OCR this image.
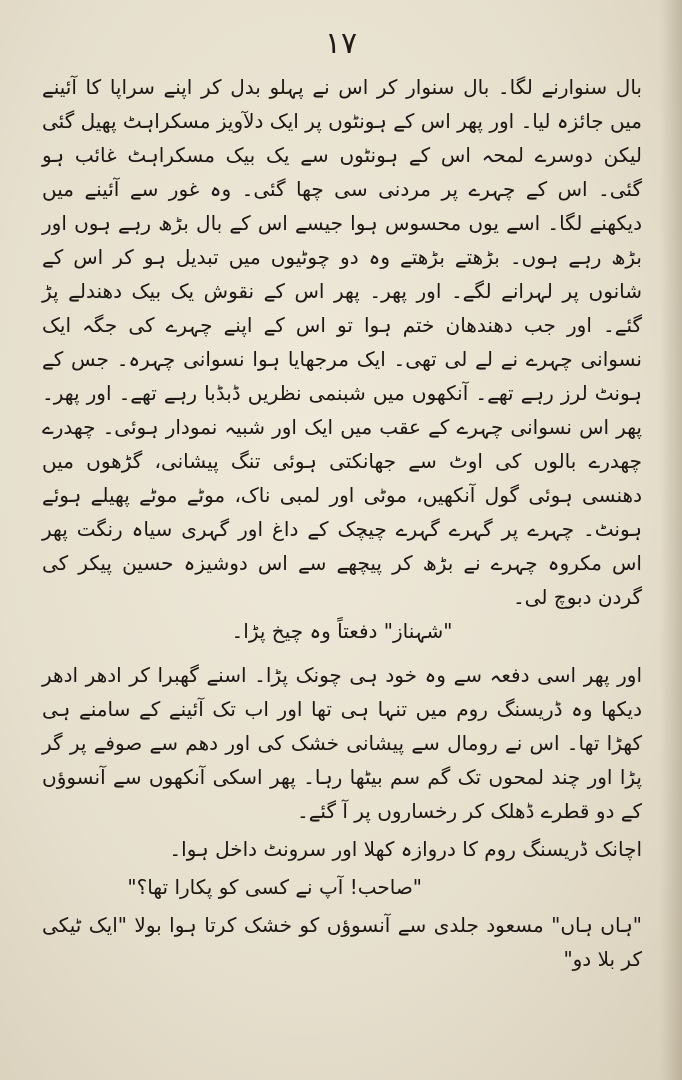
١٧

بال سنوارنے لگا۔ بال سنوار کر اس نے پہلو بدل کر اپنے سراپا کا آئینے میں جائزہ لیا۔ اور پھر اس کے ہونٹوں پر ایک دلآویز مسکراہٹ پھیل گئی لیکن دوسرے لمحہ اس کے ہونٹوں سے یک بیک مسکراہٹ غائب ہو گئی۔ اس کے چہرے پر مردنی سی چھا گئی۔ وہ غور سے آئینے میں دیکھنے لگا۔ اسے یوں محسوس ہوا جیسے اس کے بال بڑھ رہے ہوں اور بڑھ رہے ہوں۔ بڑھتے بڑھتے وہ دو چوٹیوں میں تبدیل ہو کر اس کے شانوں پر لہرانے لگے۔ اور پھر۔ پھر اس کے نقوش یک بیک دھندلے پڑ گئے۔ اور جب دھندھان ختم ہوا تو اس کے اپنے چہرے کی جگہ ایک نسوانی چہرے نے لے لی تھی۔ ایک مرجھایا ہوا نسوانی چہرہ۔ جس کے ہونٹ لرز رہے تھے۔ آنکھوں میں شبنمی نظریں ڈبڈبا رہے تھے۔ اور پھر۔ پھر اس نسوانی چہرے کے عقب میں ایک اور شبیہ نمودار ہوئی۔ چھدرے چھدرے بالوں کی اوٹ سے جھانکتی ہوئی تنگ پیشانی، گڑھوں میں دھنسی ہوئی گول آنکھیں، موٹی اور لمبی ناک، موٹے موٹے پھیلے ہوئے ہونٹ۔ چہرے پر گہرے گہرے چیچک کے داغ اور گہری سیاہ رنگت پھر اس مکروہ چہرے نے بڑھ کر پیچھے سے اس دوشیزہ حسین پیکر کی گردن دبوچ لی۔

"شہناز" دفعتاً وہ چیخ پڑا۔

اور پھر اسی دفعہ سے وہ خود ہی چونک پڑا۔ اسنے گھبرا کر ادھر ادھر دیکھا وہ ڈریسنگ روم میں تنہا ہی تھا اور اب تک آئینے کے سامنے ہی کھڑا تھا۔ اس نے رومال سے پیشانی خشک کی اور دھم سے صوفے پر گر پڑا اور چند لمحوں تک گم سم بیٹھا رہا۔ پھر اسکی آنکھوں سے آنسوؤں کے دو قطرے ڈھلک کر رخساروں پر آ گئے۔

اچانک ڈریسنگ روم کا دروازہ کھلا اور سرونٹ داخل ہوا۔

"صاحب! آپ نے کسی کو پکارا تھا؟"

"ہاں ہاں" مسعود جلدی سے آنسوؤں کو خشک کرتا ہوا بولا "ایک ٹیکی کر بلا دو"
